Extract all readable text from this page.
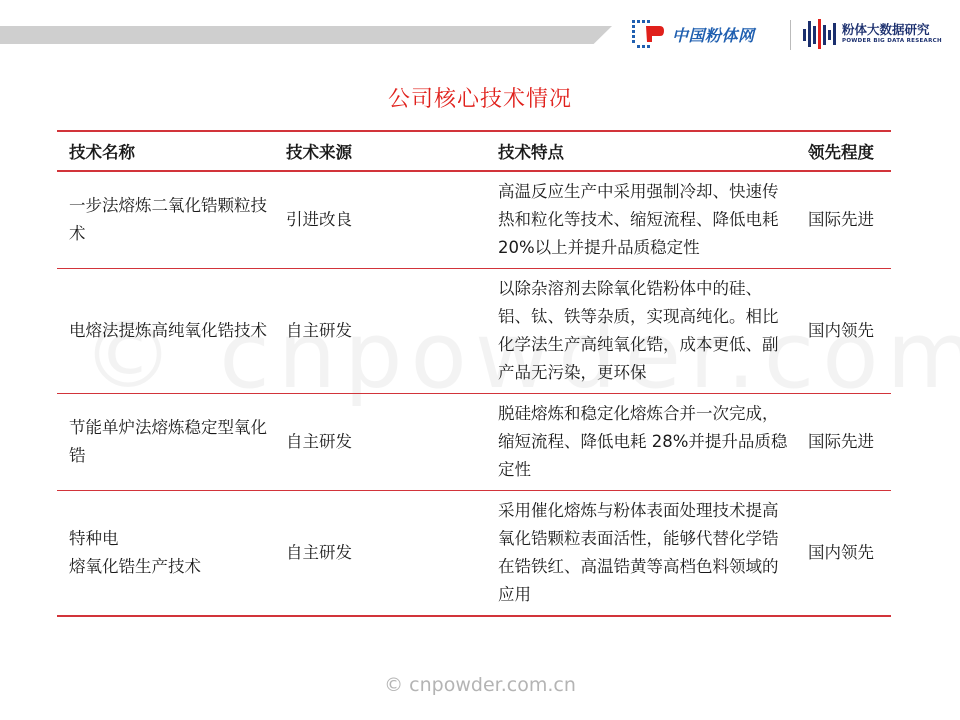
中国粉体网	粉体大数据研究
POWDER BIG DATA RESEARCH
公司核心技术情况
技术名称	技术来源	技术特点	领先程度
一步法熔炼二氧化锆颗粒技术	引进改良	高温反应生产中采用强制冷却、快速传热和粒化等技术、缩短流程、降低电耗 20%以上并提升品质稳定性	国际先进
电熔法提炼高纯氧化锆技术	自主研发	以除杂溶剂去除氧化锆粉体中的硅、铝、钛、铁等杂质，实现高纯化。相比化学法生产高纯氧化锆，成本更低、副产品无污染，更环保	国内领先
节能单炉法熔炼稳定型氧化锆	自主研发	脱硅熔炼和稳定化熔炼合并一次完成，缩短流程、降低电耗 28%并提升品质稳定性	国际先进

特种电
熔氧化锆生产技术	自主研发	采用催化熔炼与粉体表面处理技术提高氧化锆颗粒表面活性，能够代替化学锆在锆铁红、高温锆黄等高档色料领域的应用	国内领先
© cnpowder.com.cn
